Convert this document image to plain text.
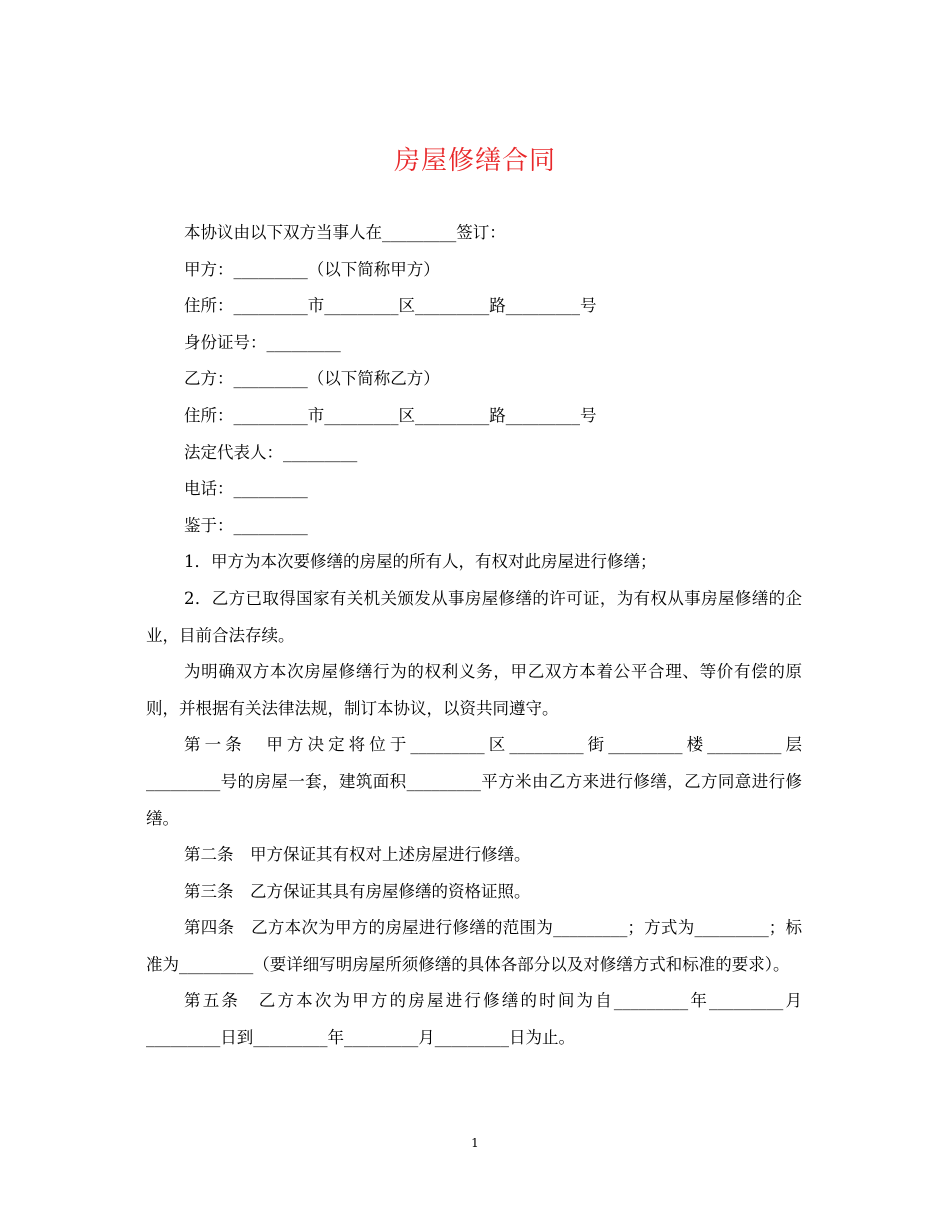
房屋修缮合同

本协议由以下双方当事人在_________签订：

甲方：_________（以下简称甲方）

住所：_________市_________区_________路_________号

身份证号：_________

乙方：_________（以下简称乙方）

住所：_________市_________区_________路_________号

法定代表人：_________

电话：_________

鉴于：_________

1．甲方为本次要修缮的房屋的所有人，有权对此房屋进行修缮；

2．乙方已取得国家有关机关颁发从事房屋修缮的许可证，为有权从事房屋修缮的企业，目前合法存续。

为明确双方本次房屋修缮行为的权利义务，甲乙双方本着公平合理、等价有偿的原则，并根据有关法律法规，制订本协议，以资共同遵守。

第一条　甲方决定将位于_________区_________街_________楼_________层_________号的房屋一套，建筑面积_________平方米由乙方来进行修缮，乙方同意进行修缮。

第二条　甲方保证其有权对上述房屋进行修缮。

第三条　乙方保证其具有房屋修缮的资格证照。

第四条　乙方本次为甲方的房屋进行修缮的范围为_________；方式为_________；标准为_________（要详细写明房屋所须修缮的具体各部分以及对修缮方式和标准的要求）。

第五条　乙方本次为甲方的房屋进行修缮的时间为自_________年_________月_________日到_________年_________月_________日为止。

1
